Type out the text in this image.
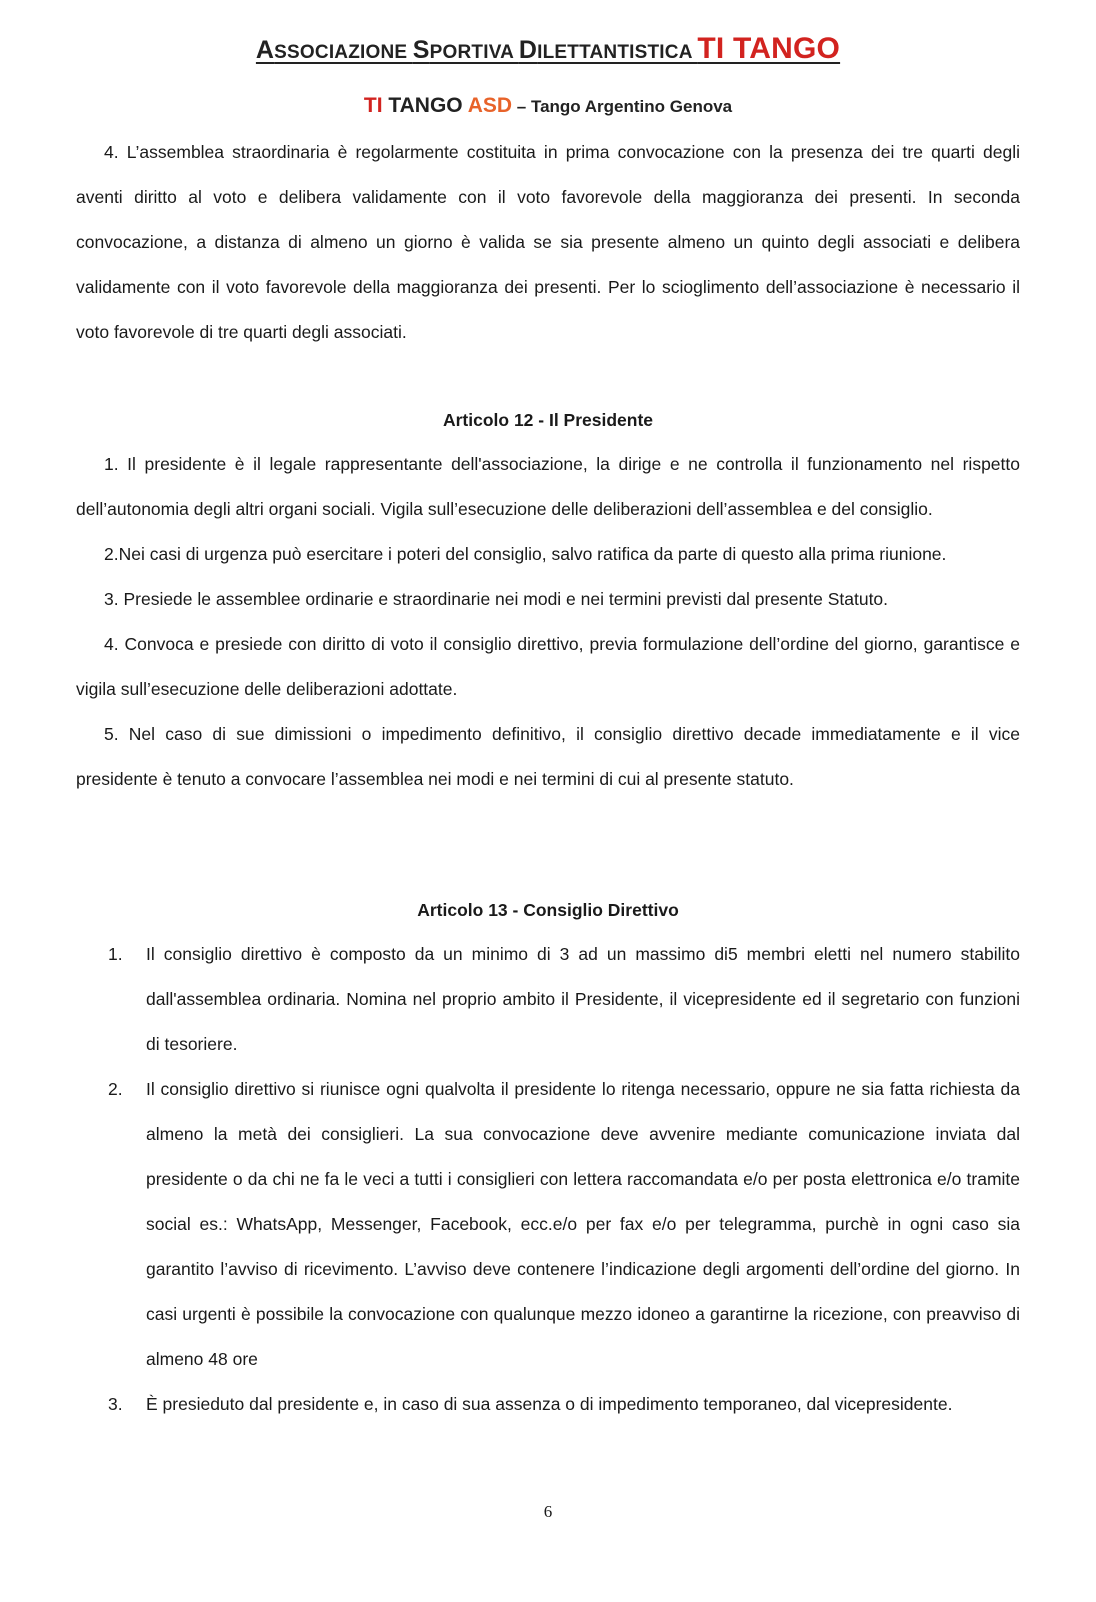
ASSOCIAZIONE SPORTIVA DILETTANTISTICA TI TANGO
TI TANGO ASD – Tango Argentino Genova

4. L’assemblea straordinaria è regolarmente costituita in prima convocazione con la presenza dei tre quarti degli aventi diritto al voto e delibera validamente con il voto favorevole della maggioranza dei presenti. In seconda convocazione, a distanza di almeno un giorno è valida se sia presente almeno un quinto degli associati e delibera validamente con il voto favorevole della maggioranza dei presenti. Per lo scioglimento dell’associazione è necessario il voto favorevole di tre quarti degli associati.

Articolo 12 - Il Presidente

1. Il presidente è il legale rappresentante dell'associazione, la dirige e ne controlla il funzionamento nel rispetto dell’autonomia degli altri organi sociali. Vigila sull’esecuzione delle deliberazioni dell’assemblea e del consiglio.

2.Nei casi di urgenza può esercitare i poteri del consiglio, salvo ratifica da parte di questo alla prima riunione.

3. Presiede le assemblee ordinarie e straordinarie nei modi e nei termini previsti dal presente Statuto.

4. Convoca e presiede con diritto di voto il consiglio direttivo, previa formulazione dell’ordine del giorno, garantisce e vigila sull’esecuzione delle deliberazioni adottate.

5. Nel caso di sue dimissioni o impedimento definitivo, il consiglio direttivo decade immediatamente e il vice presidente è tenuto a convocare l’assemblea nei modi e nei termini di cui al presente statuto.

Articolo 13 - Consiglio Direttivo
1. Il consiglio direttivo è composto da un minimo di 3 ad un massimo di5 membri eletti nel numero stabilito dall'assemblea ordinaria. Nomina nel proprio ambito il Presidente, il vicepresidente ed il segretario con funzioni di tesoriere.
2. Il consiglio direttivo si riunisce ogni qualvolta il presidente lo ritenga necessario, oppure ne sia fatta richiesta da almeno la metà dei consiglieri. La sua convocazione deve avvenire mediante comunicazione inviata dal presidente o da chi ne fa le veci a tutti i consiglieri con lettera raccomandata e/o per posta elettronica e/o tramite social es.: WhatsApp, Messenger, Facebook, ecc.e/o per fax e/o per telegramma, purchè in ogni caso sia garantito l’avviso di ricevimento. L’avviso deve contenere l’indicazione degli argomenti dell’ordine del giorno. In casi urgenti è possibile la convocazione con qualunque mezzo idoneo a garantirne la ricezione, con preavviso di almeno 48 ore
3. È presieduto dal presidente e, in caso di sua assenza o di impedimento temporaneo, dal vicepresidente.
6
